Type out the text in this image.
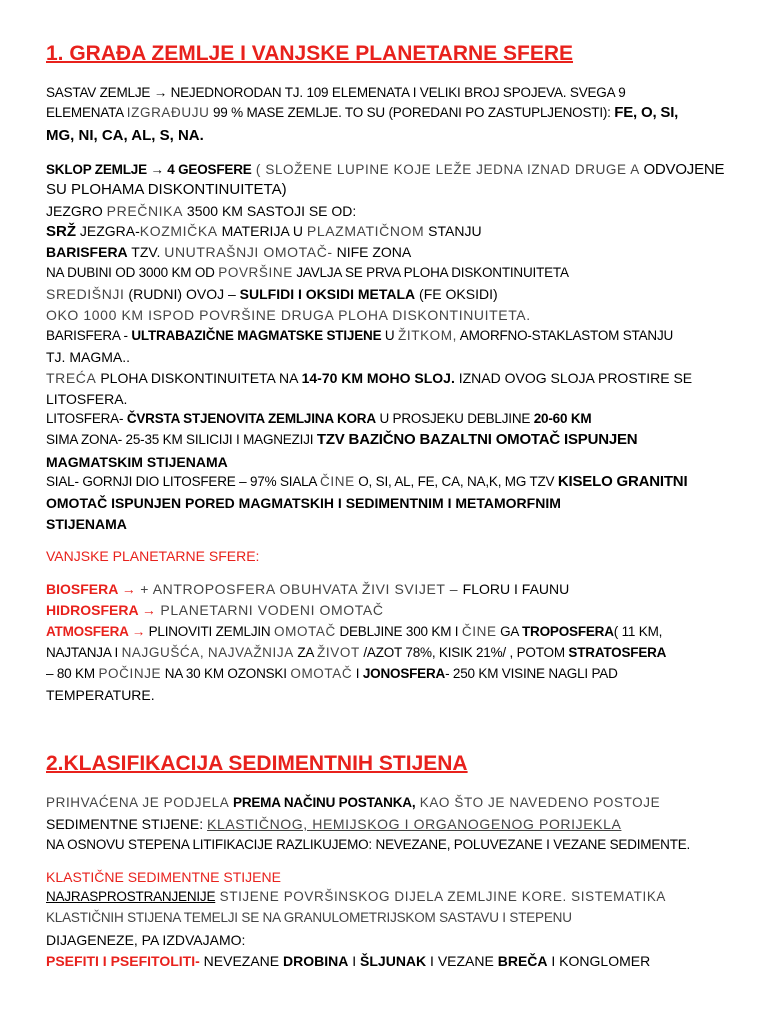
1. GRAĐA ZEMLJE I VANJSKE PLANETARNE SFERE
SASTAV ZEMLJE → NEJEDNORODAN TJ. 109 ELEMENATA I VELIKI BROJ SPOJEVA. SVEGA 9
ELEMENATA IZGRAĐUJU 99 % MASE ZEMLJE. TO SU (POREDANI PO ZASTUPLJENOSTI): FE, O, SI,
MG, NI, CA, AL, S, NA.
SKLOP ZEMLJE → 4 GEOSFERE ( SLOŽENE LUPINE KOJE LEŽE JEDNA IZNAD DRUGE A ODVOJENE
SU PLOHAMA DISKONTINUITETA)
JEZGRO PREČNIKA 3500 KM SASTOJI SE OD:
SRŽ JEZGRA-KOZMIČKA MATERIJA U PLAZMATIČNOM STANJU
BARISFERA TZV. UNUTRAŠNJI OMOTAČ- NIFE ZONA
NA DUBINI OD 3000 KM OD POVRŠINE JAVLJA SE PRVA PLOHA DISKONTINUITETA
SREDIŠNJI (RUDNI) OVOJ – SULFIDI I OKSIDI METALA (FE OKSIDI)
OKO 1000 KM ISPOD POVRŠINE DRUGA PLOHA DISKONTINUITETA.
BARISFERA - ULTRABAZIČNE MAGMATSKE STIJENE U ŽITKOM, AMORFNO-STAKLASTOM STANJU
TJ. MAGMA..
TREĆA PLOHA DISKONTINUITETA NA 14-70 KM MOHO SLOJ. IZNAD OVOG SLOJA PROSTIRE SE
LITOSFERA.
LITOSFERA- ČVRSTA STJENOVITA ZEMLJINA KORA U PROSJEKU DEBLJINE 20-60 KM
SIMA ZONA- 25-35 KM SILICIJI I MAGNEZIJI TZV BAZIČNO BAZALTNI OMOTAČ ISPUNJEN
MAGMATSKIM STIJENAMA
SIAL- GORNJI DIO LITOSFERE – 97% SIALA ČINE O, SI, AL, FE, CA, NA,K, MG TZV KISELO GRANITNI
OMOTAČ ISPUNJEN PORED MAGMATSKIH I SEDIMENTNIM I METAMORFNIM
STIJENAMA
VANJSKE PLANETARNE SFERE:
BIOSFERA → + ANTROPOSFERA OBUHVATA ŽIVI SVIJET – FLORU I FAUNU
HIDROSFERA → PLANETARNI VODENI OMOTAČ
ATMOSFERA → PLINOVITI ZEMLJIN OMOTAČ DEBLJINE 300 KM I ČINE GA TROPOSFERA( 11 KM,
NAJTANJA I NAJGUŠĆA, NAJVAŽNIJA ZA ŽIVOT /AZOT 78%, KISIK 21%/ , POTOM STRATOSFERA
– 80 KM POČINJE NA 30 KM OZONSKI OMOTAČ I JONOSFERA- 250 KM VISINE NAGLI PAD
TEMPERATURE.
2.KLASIFIKACIJA SEDIMENTNIH STIJENA
PRIHVAĆENA JE PODJELA PREMA NAČINU POSTANKA, KAO ŠTO JE NAVEDENO POSTOJE
SEDIMENTNE STIJENE: KLASTIČNOG, HEMIJSKOG I ORGANOGENOG PORIJEKLA
NA OSNOVU STEPENA LITIFIKACIJE RAZLIKUJEMO: NEVEZANE, POLUVEZANE I VEZANE SEDIMENTE.
KLASTIČNE SEDIMENTNE STIJENE
NAJRASPROSTRANJENIJE STIJENE POVRŠINSKOG DIJELA ZEMLJINE KORE. SISTEMATIKA
KLASTIČNIH STIJENA TEMELJI SE NA GRANULOMETRIJSKOM SASTAVU I STEPENU
DIJAGENEZE, PA IZDVAJAMO:
PSEFITI I PSEFITOLITI- NEVEZANE DROBINA I ŠLJUNAK I VEZANE BREČA I KONGLOMER
